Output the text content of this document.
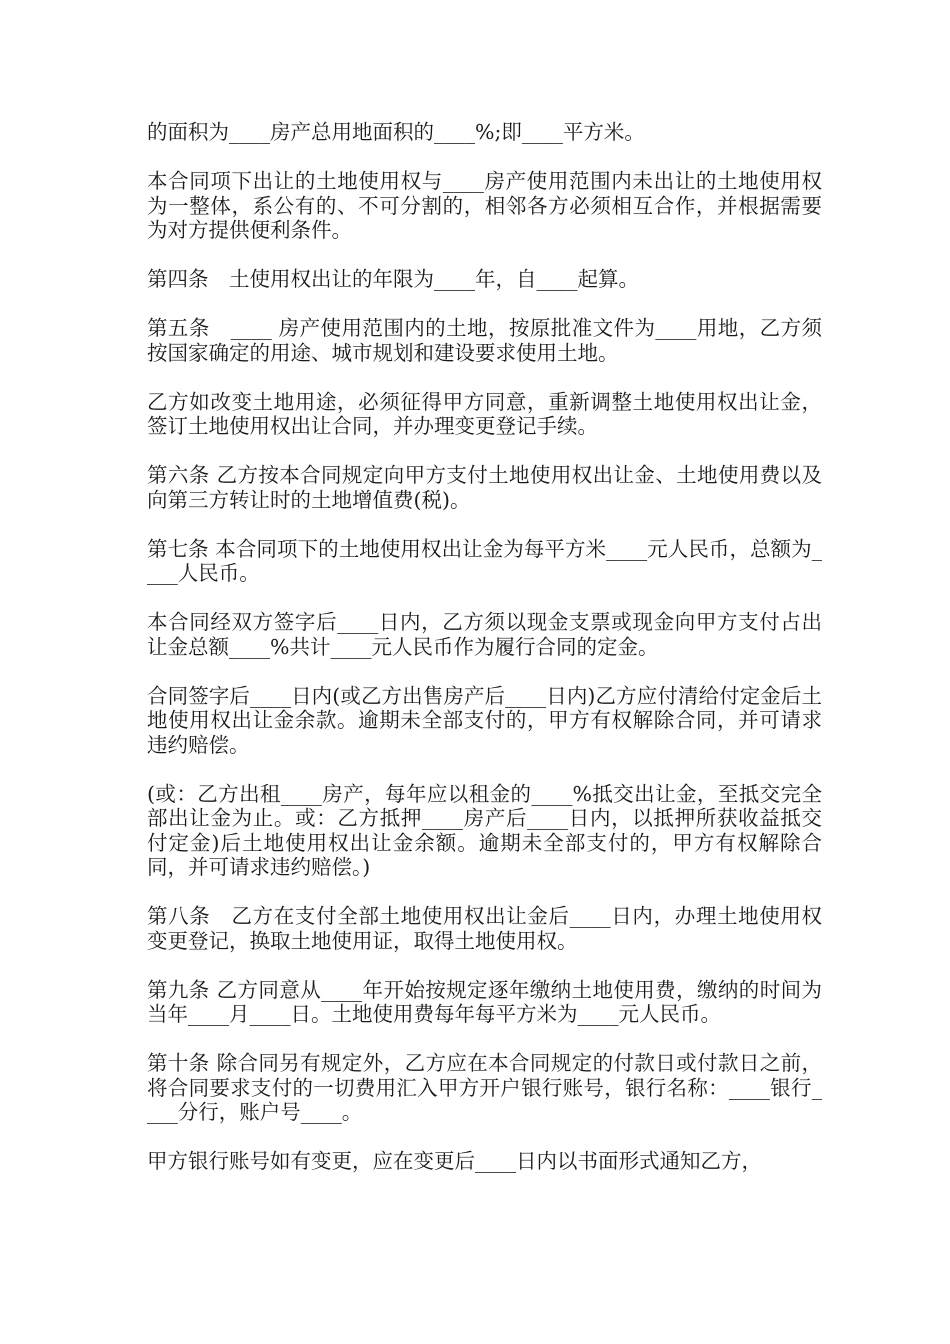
的面积为____房产总用地面积的____%;即____平方米。

本合同项下出让的土地使用权与____房产使用范围内未出让的土地使用权为一整体，系公有的、不可分割的，相邻各方必须相互合作，并根据需要为对方提供便利条件。

第四条　土使用权出让的年限为____年，自____起算。

第五条　____ 房产使用范围内的土地，按原批准文件为____用地，乙方须按国家确定的用途、城市规划和建设要求使用土地。

乙方如改变土地用途，必须征得甲方同意，重新调整土地使用权出让金，签订土地使用权出让合同，并办理变更登记手续。

第六条 乙方按本合同规定向甲方支付土地使用权出让金、土地使用费以及向第三方转让时的土地增值费(税)。

第七条 本合同项下的土地使用权出让金为每平方米____元人民币，总额为____人民币。

本合同经双方签字后____日内，乙方须以现金支票或现金向甲方支付占出让金总额____%共计____元人民币作为履行合同的定金。

合同签字后____日内(或乙方出售房产后____日内)乙方应付清给付定金后土地使用权出让金余款。逾期未全部支付的，甲方有权解除合同，并可请求违约赔偿。

(或：乙方出租____房产，每年应以租金的____%抵交出让金，至抵交完全部出让金为止。或：乙方抵押____房产后____日内，以抵押所获收益抵交付定金)后土地使用权出让金余额。逾期未全部支付的，甲方有权解除合同，并可请求违约赔偿。)

第八条　乙方在支付全部土地使用权出让金后____日内，办理土地使用权变更登记，换取土地使用证，取得土地使用权。

第九条 乙方同意从____年开始按规定逐年缴纳土地使用费，缴纳的时间为当年____月____日。土地使用费每年每平方米为____元人民币。

第十条 除合同另有规定外，乙方应在本合同规定的付款日或付款日之前，将合同要求支付的一切费用汇入甲方开户银行账号，银行名称：____银行____分行，账户号____。

甲方银行账号如有变更，应在变更后____日内以书面形式通知乙方，
